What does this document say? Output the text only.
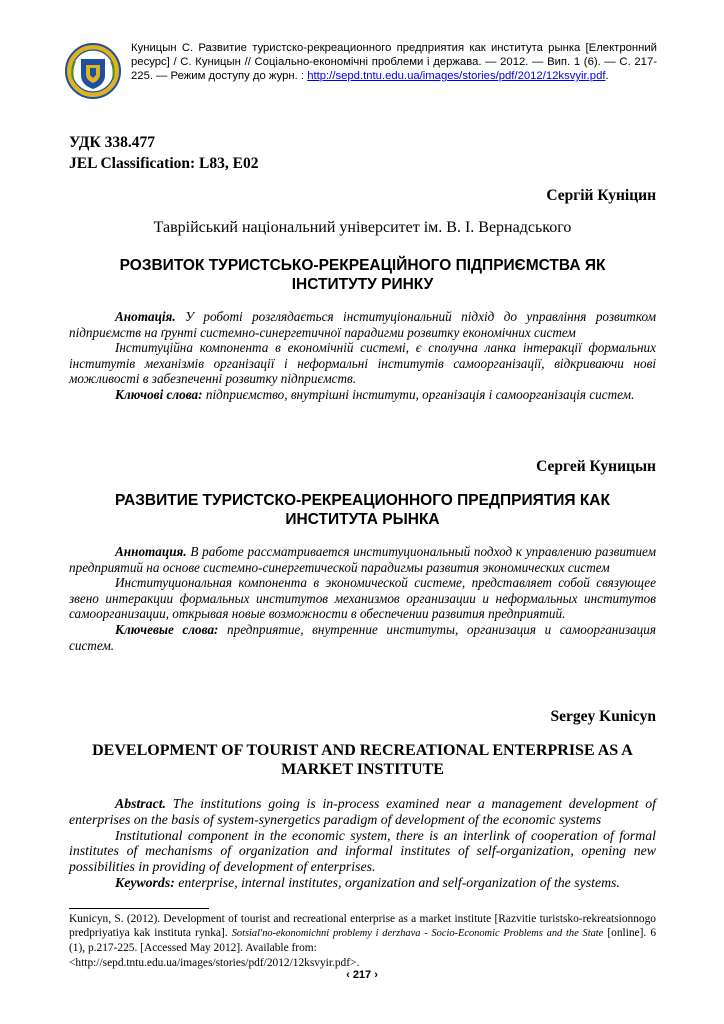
Куницын С. Развитие туристско-рекреационного предприятия как института рынка [Електронний ресурс] / С. Куницын // Соціально-економічні проблеми і держава. — 2012. — Вип. 1 (6). — С. 217-225. — Режим доступу до журн. : http://sepd.tntu.edu.ua/images/stories/pdf/2012/12ksvyir.pdf.
УДК 338.477
JEL Classification: L83, E02
Сергій Куніцин
Таврійський національний університет ім. В. І. Вернадського
РОЗВИТОК ТУРИСТСЬКО-РЕКРЕАЦІЙНОГО ПІДПРИЄМСТВА ЯК
ІНСТИТУТУ РИНКУ

Анотація. У роботі розглядається інституціональний підхід до управління розвитком підприємств на ґрунті системно-синергетичної парадигми розвитку економічних систем

Інституційна компонента в економічній системі, є сполучна ланка інтеракції формальних інститутів механізмів організації і неформальні інститутів самоорганізації, відкриваючи нові можливості в забезпеченні розвитку підприємств.

Ключові слова: підприємство, внутрішні інститути, організація і самоорганізація систем.

Сергей Куницын
РАЗВИТИЕ ТУРИСТСКО-РЕКРЕАЦИОННОГО ПРЕДПРИЯТИЯ КАК
ИНСТИТУТА РЫНКА

Аннотация. В работе рассматривается институциональный подход к управлению развитием предприятий на основе системно-синергетической парадигмы развития экономических систем

Институциональная компонента в экономической системе, представляет собой связующее звено интеракции формальных институтов механизмов организации и неформальных институтов самоорганизации, открывая новые возможности в обеспечении развития предприятий.

Ключевые слова: предприятие, внутренние институты, организация и самоорганизация систем.

Sergey Kunicyn
DEVELOPMENT OF TOURIST AND RECREATIONAL ENTERPRISE AS A
MARKET INSTITUTE

Abstract. The institutions going is in-process examined near a management development of enterprises on the basis of system-synergetics paradigm of development of the economic systems

Institutional component in the economic system, there is an interlink of cooperation of formal institutes of mechanisms of organization and informal institutes of self-organization, opening new possibilities in providing of development of enterprises.

Keywords: enterprise, internal institutes, organization and self-organization of the systems.

Kunicyn, S. (2012). Development of tourist and recreational enterprise as a market institute [Razvitie turistsko-rekreatsionnogo predpriyatiya kak instituta rynka]. Sotsial'no-ekonomichni problemy i derzhava - Socio-Economic Problems and the State [online]. 6 (1), p.217-225. [Accessed May 2012]. Available from:
<http://sepd.tntu.edu.ua/images/stories/pdf/2012/12ksvyir.pdf>.
‹ 217 ›
